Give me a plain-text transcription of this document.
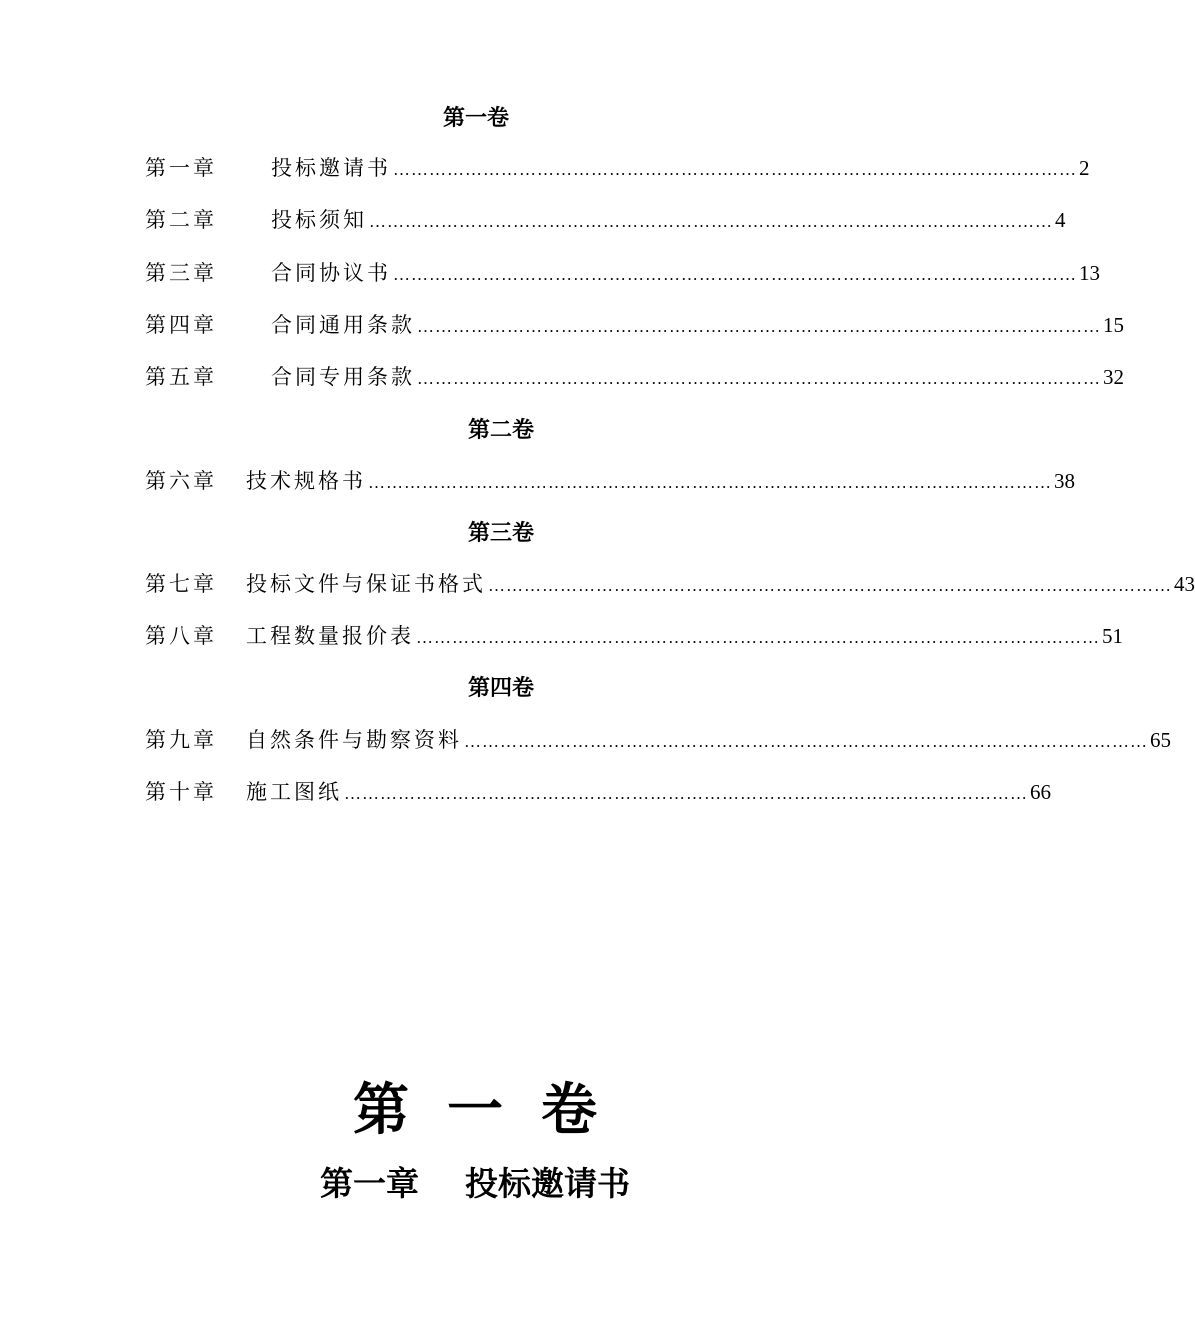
第一卷
第一章	投标邀请书 …………………………………………………………………………………………………… 2
第二章	投标须知 …………………………………………………………………………………………………… 4
第三章	合同协议书 …………………………………………………………………………………………………… 13
第四章	合同通用条款 …………………………………………………………………………………………………… 15
第五章	合同专用条款 …………………………………………………………………………………………………… 32
第二卷
第六章	技术规格书 …………………………………………………………………………………………………… 38
第三卷
第七章	投标文件与保证书格式 …………………………………………………………………………………………………… 43
第八章	工程数量报价表 …………………………………………………………………………………………………… 51
第四卷
第九章	自然条件与勘察资料 …………………………………………………………………………………………………… 65
第十章	施工图纸 …………………………………………………………………………………………………… 66
第一卷
第一章 投标邀请书
